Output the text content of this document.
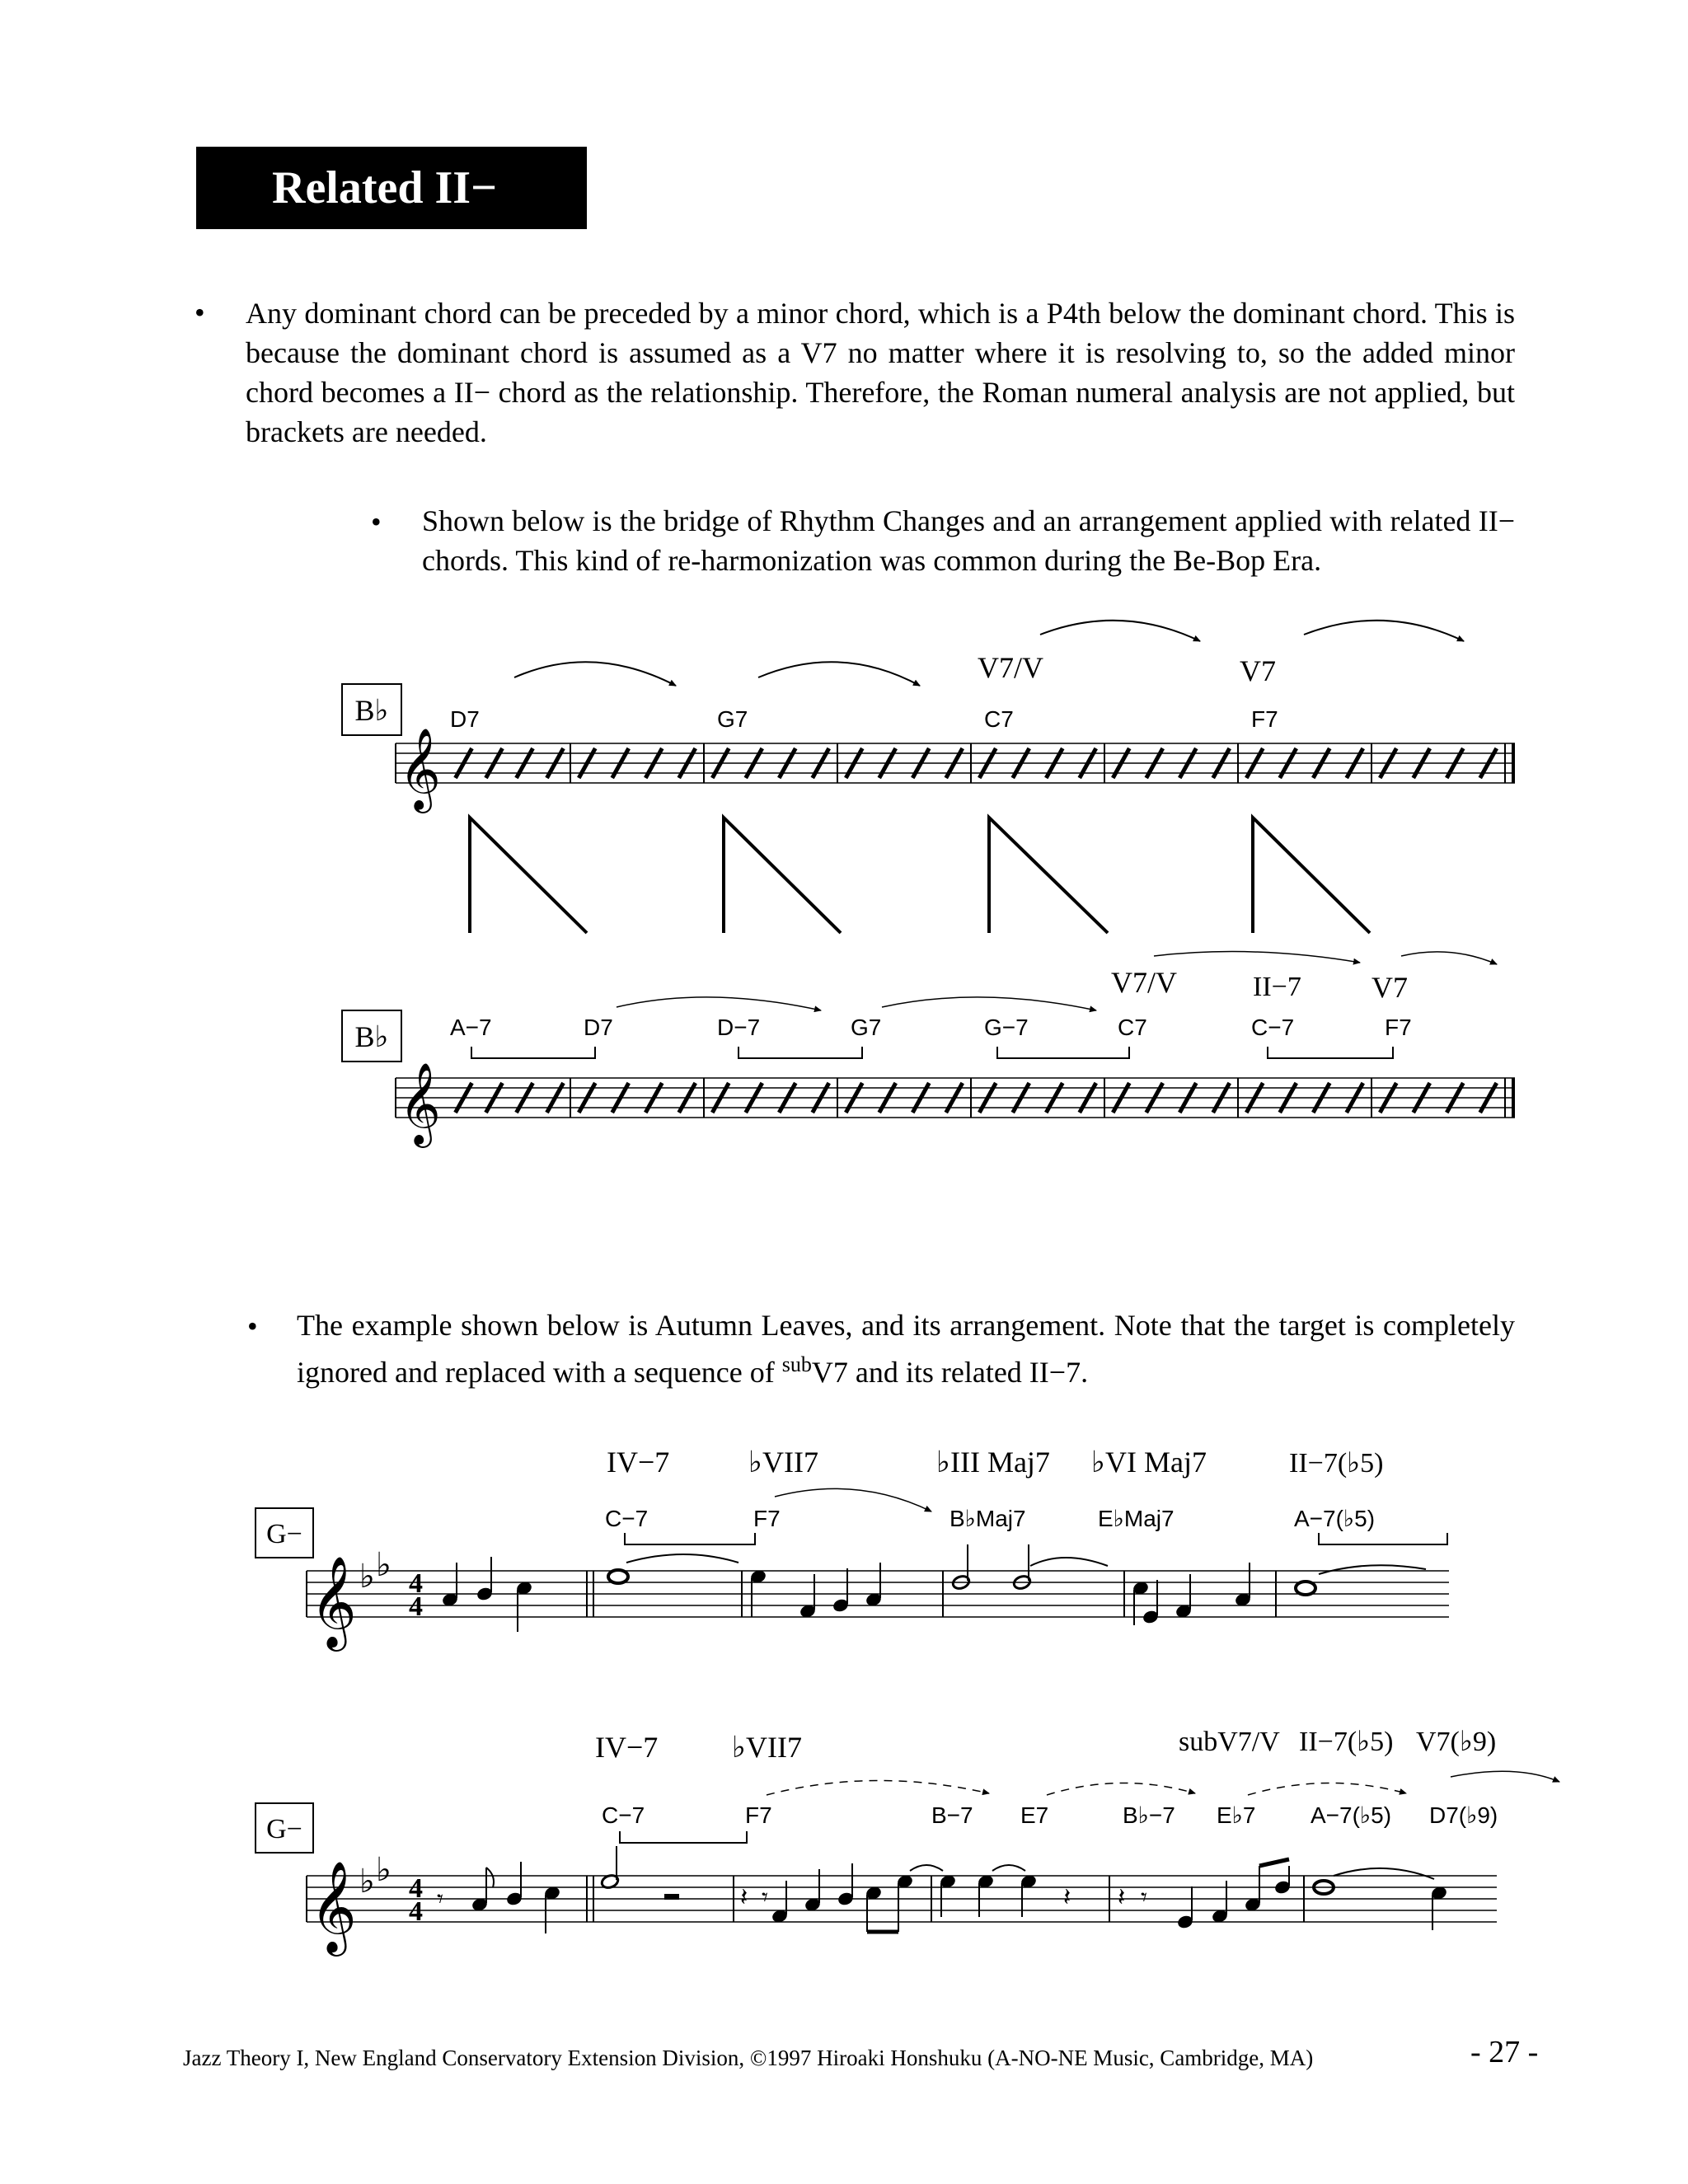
Related II−
• Any dominant chord can be preceded by a minor chord, which is a P4th below the dominant chord. This is because the dominant chord is assumed as a V7 no matter where it is resolving to, so the added minor chord becomes a II− chord as the relationship. Therefore, the Roman numeral analysis are not applied, but brackets are needed.
• Shown below is the bridge of Rhythm Changes and an arrangement applied with related II− chords. This kind of re-harmonization was common during the Be-Bop Era.
• The example shown below is Autumn Leaves, and its arrangement. Note that the target is completely ignored and replaced with a sequence of $^{sub}$V7 and its related II−7.
B♭
𝄞
D7	G7	C7	F7
V7/V	V7
B♭
𝄞
A−7	D7	D−7	G7	G−7	C7	C−7	F7
V7/V	II−7 V7
G−
𝄞 ♭ ♭ 4
4
IV−7	♭VII7	♭III Maj7 ♭VI Maj7	II−7(♭5)
C−7	F7	B♭Maj7	E♭Maj7	A−7(♭5)
G−
𝄞 ♭ ♭ 4
4 𝄾	𝄽 𝄾	𝄽 𝄽 𝄾
IV−7 ♭VII7	subV7/V II−7(♭5) V7(♭9)
C−7	F7	B−7 E7	B♭−7 E♭7 A−7(♭5) D7(♭9)
Jazz Theory I, New England Conservatory Extension Division, ©1997 Hiroaki Honshuku (A-NO-NE Music, Cambridge, MA)	- 27 -
